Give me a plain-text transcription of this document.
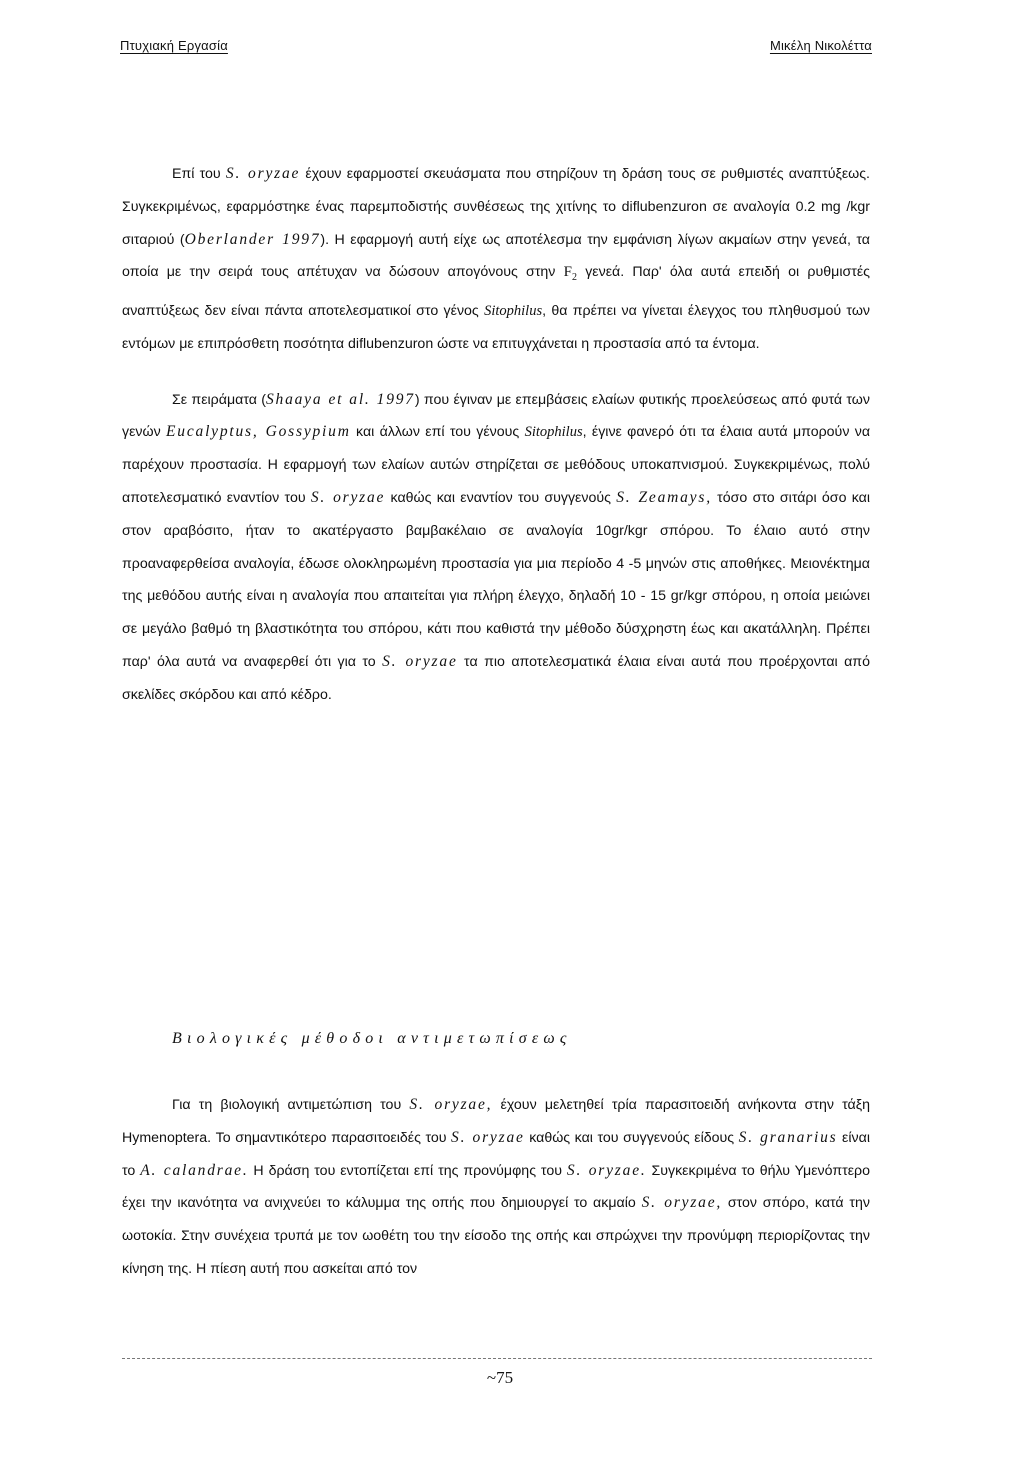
Πτυχιακή Εργασία	Μικέλη Νικολέττα

Επί του S. oryzae έχουν εφαρμοστεί σκευάσματα που στηρίζουν τη δράση τους σε ρυθμιστές αναπτύξεως. Συγκεκριμένως, εφαρμόστηκε ένας παρεμποδιστής συνθέσεως της χιτίνης το diflubenzuron σε αναλογία 0.2 mg /kgr σιταριού (Oberlander 1997). Η εφαρμογή αυτή είχε ως αποτέλεσμα την εμφάνιση λίγων ακμαίων στην γενεά, τα οποία με την σειρά τους απέτυχαν να δώσουν απογόνους στην $F_2$ γενεά. Παρ' όλα αυτά επειδή οι ρυθμιστές αναπτύξεως δεν είναι πάντα αποτελεσματικοί στο γένος Sitophilus, θα πρέπει να γίνεται έλεγχος του πληθυσμού των εντόμων με επιπρόσθετη ποσότητα diflubenzuron ώστε να επιτυγχάνεται η προστασία από τα έντομα.

Σε πειράματα (Shaaya et al. 1997) που έγιναν με επεμβάσεις ελαίων φυτικής προελεύσεως από φυτά των γενών Eucalyptus, Gossypium και άλλων επί του γένους Sitophilus, έγινε φανερό ότι τα έλαια αυτά μπορούν να παρέχουν προστασία. Η εφαρμογή των ελαίων αυτών στηρίζεται σε μεθόδους υποκαπνισμού. Συγκεκριμένως, πολύ αποτελεσματικό εναντίον του S. oryzae καθώς και εναντίον του συγγενούς S. Zeamays, τόσο στο σιτάρι όσο και στον αραβόσιτο, ήταν το ακατέργαστο βαμβακέλαιο σε αναλογία 10gr/kgr σπόρου. Το έλαιο αυτό στην προαναφερθείσα αναλογία, έδωσε ολοκληρωμένη προστασία για μια περίοδο 4 -5 μηνών στις αποθήκες. Μειονέκτημα της μεθόδου αυτής είναι η αναλογία που απαιτείται για πλήρη έλεγχο, δηλαδή 10 - 15 gr/kgr σπόρου, η οποία μειώνει σε μεγάλο βαθμό τη βλαστικότητα του σπόρου, κάτι που καθιστά την μέθοδο δύσχρηστη έως και ακατάλληλη. Πρέπει παρ' όλα αυτά να αναφερθεί ότι για το S. oryzae τα πιο αποτελεσματικά έλαια είναι αυτά που προέρχονται από σκελίδες σκόρδου και από κέδρο.

Βιολογικές μέθοδοι αντιμετωπίσεως

Για τη βιολογική αντιμετώπιση του S. oryzae, έχουν μελετηθεί τρία παρασιτοειδή ανήκοντα στην τάξη Hymenoptera. Το σημαντικότερο παρασιτοειδές του S. oryzae καθώς και του συγγενούς είδους S. granarius είναι το A. calandrae. Η δράση του εντοπίζεται επί της προνύμφης του S. oryzae. Συγκεκριμένα το θήλυ Υμενόπτερο έχει την ικανότητα να ανιχνεύει το κάλυμμα της οπής που δημιουργεί το ακμαίο S. oryzae, στον σπόρο, κατά την ωοτοκία. Στην συνέχεια τρυπά με τον ωοθέτη του την είσοδο της οπής και σπρώχνει την προνύμφη περιορίζοντας την κίνηση της. Η πίεση αυτή που ασκείται από τον

~75
